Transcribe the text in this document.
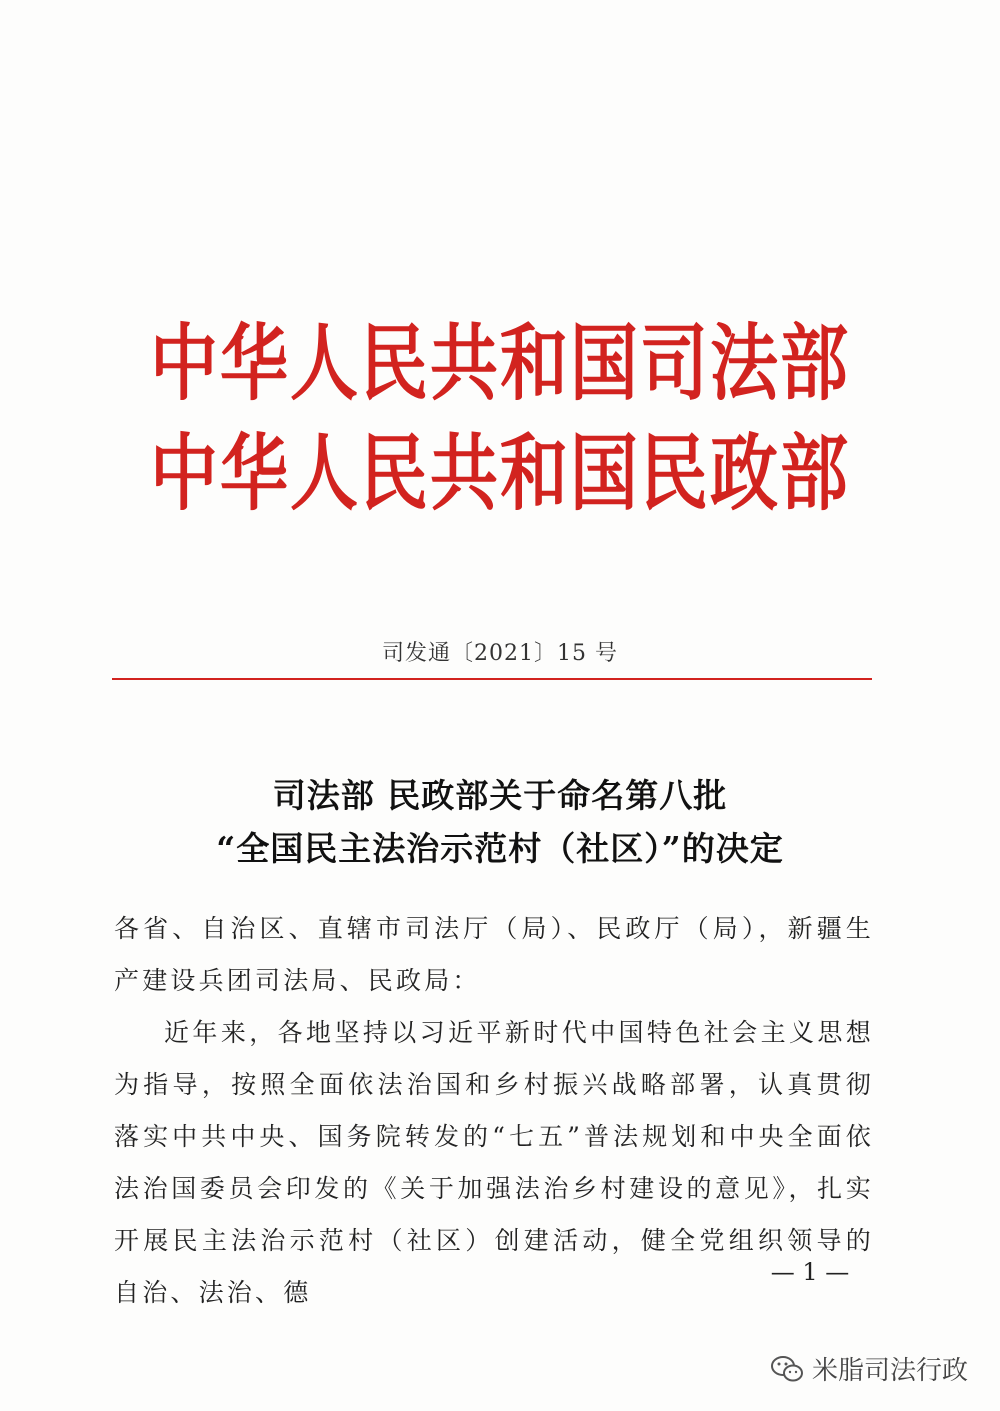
中华人民共和国司法部
中华人民共和国民政部
司发通〔2021〕15 号
司法部 民政部关于命名第八批
“全国民主法治示范村（社区）”的决定

各省、自治区、直辖市司法厅（局）、民政厅（局），新疆生产建设兵团司法局、民政局：

近年来，各地坚持以习近平新时代中国特色社会主义思想为指导，按照全面依法治国和乡村振兴战略部署，认真贯彻落实中共中央、国务院转发的“七五”普法规划和中央全面依法治国委员会印发的《关于加强法治乡村建设的意见》，扎实开展民主法治示范村（社区）创建活动，健全党组织领导的自治、法治、德

— 1 —
米脂司法行政
